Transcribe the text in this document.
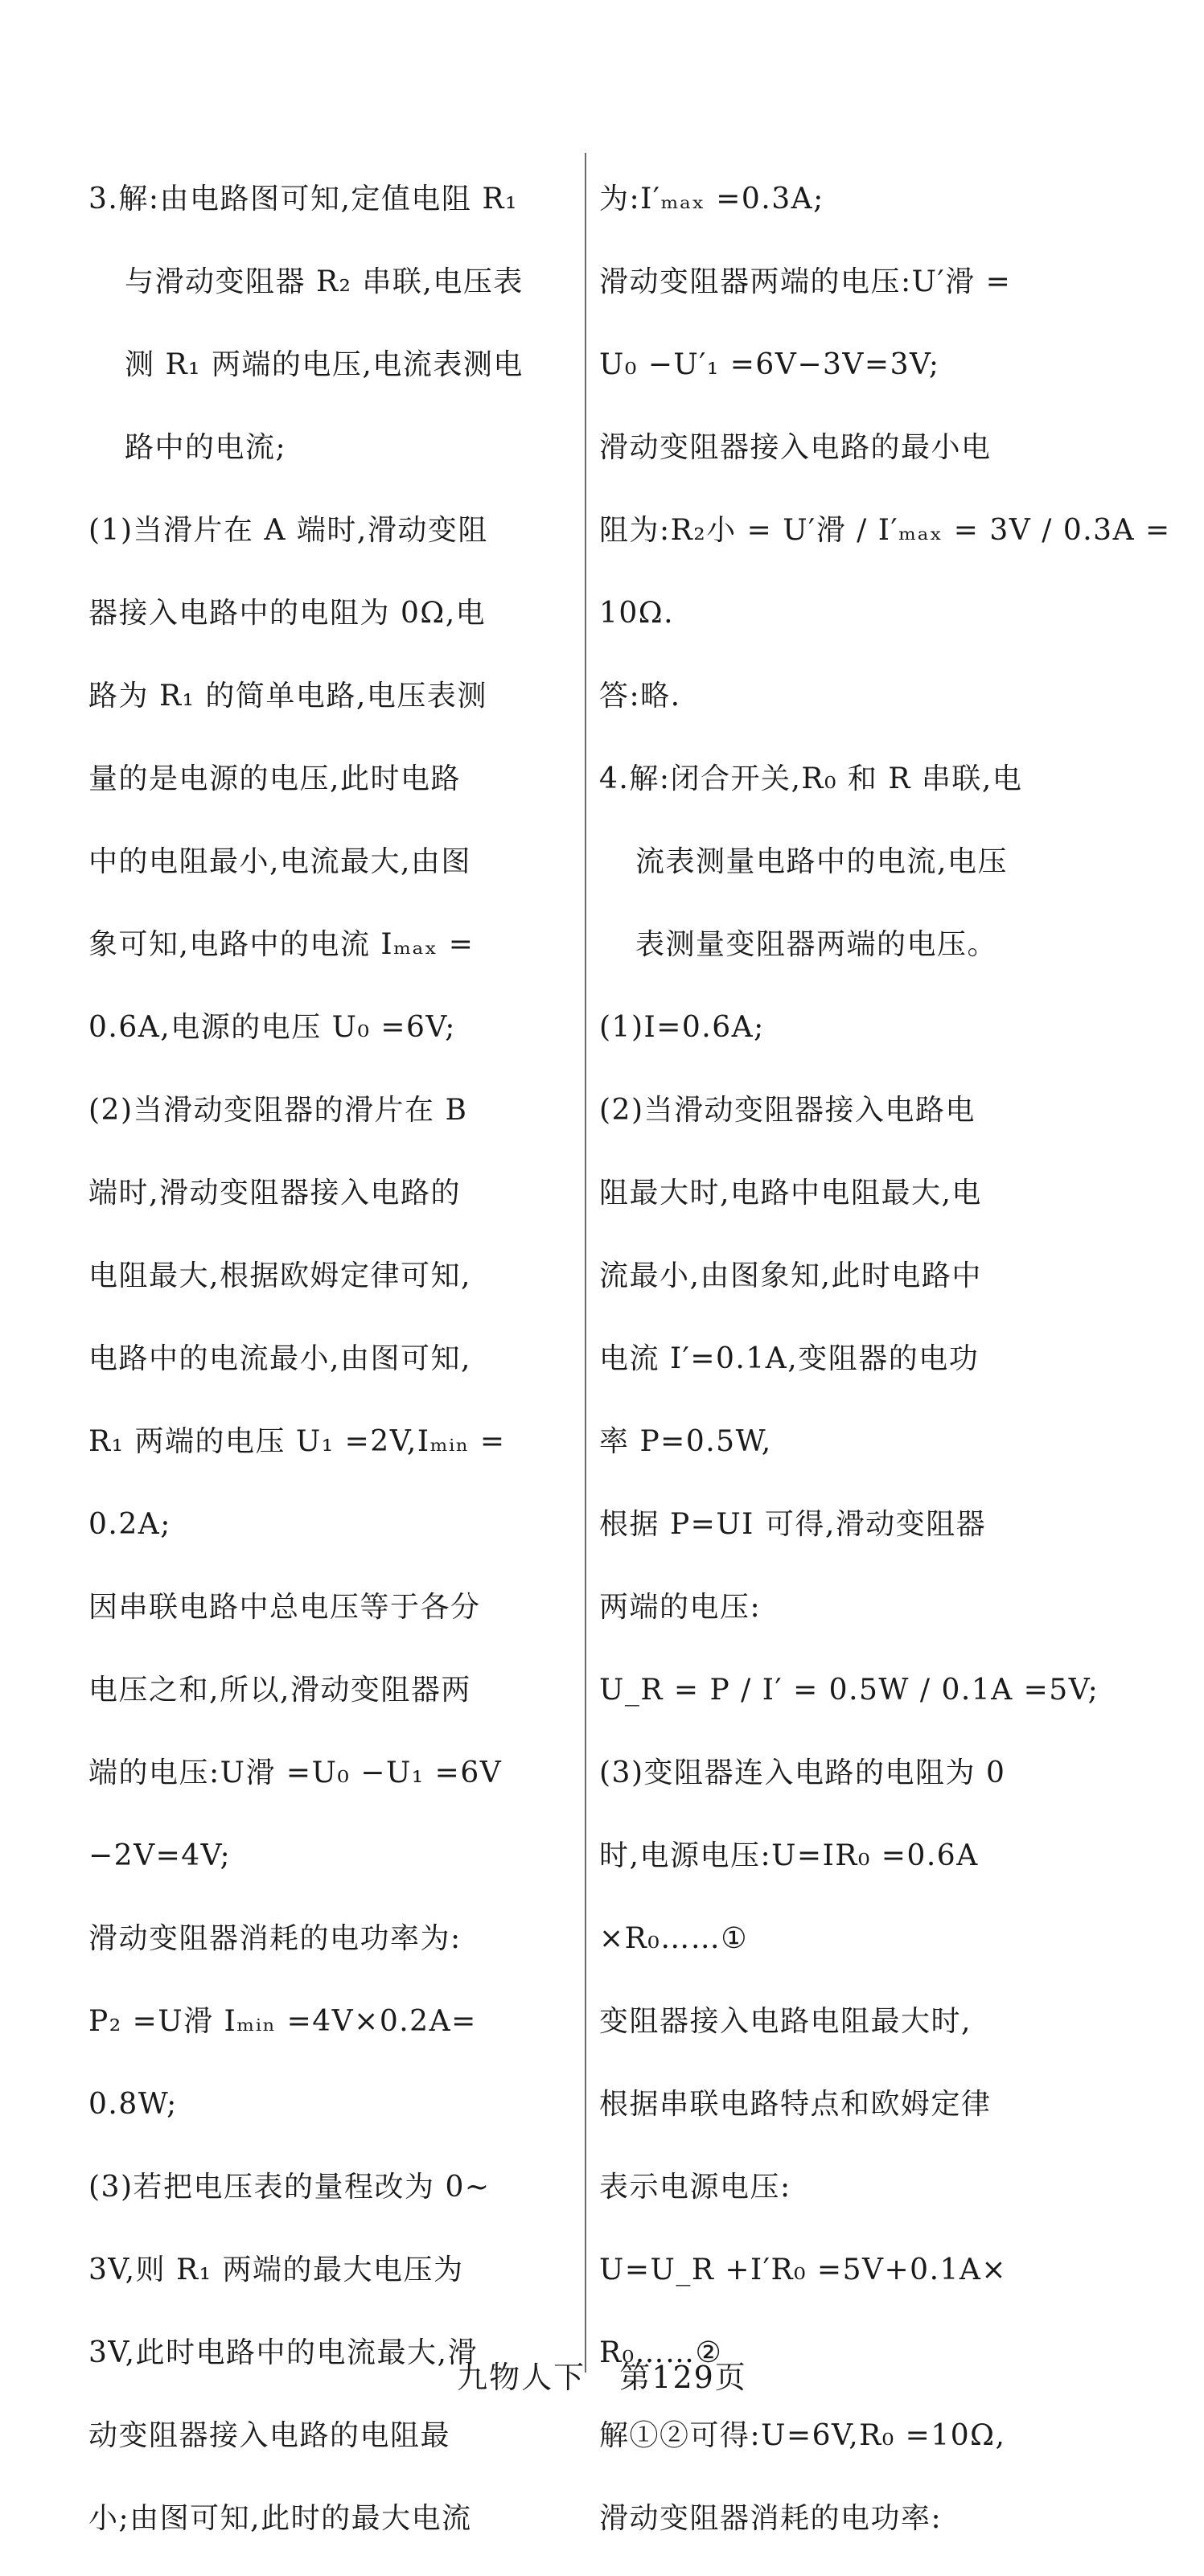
3.解:由电路图可知,定值电阻 R₁
与滑动变阻器 R₂ 串联,电压表
测 R₁ 两端的电压,电流表测电
路中的电流;
(1)当滑片在 A 端时,滑动变阻
器接入电路中的电阻为 0Ω,电
路为 R₁ 的简单电路,电压表测
量的是电源的电压,此时电路
中的电阻最小,电流最大,由图
象可知,电路中的电流 Iₘₐₓ =
0.6A,电源的电压 U₀ =6V;
(2)当滑动变阻器的滑片在 B
端时,滑动变阻器接入电路的
电阻最大,根据欧姆定律可知,
电路中的电流最小,由图可知,
R₁ 两端的电压 U₁ =2V,Iₘᵢₙ =
0.2A;
因串联电路中总电压等于各分
电压之和,所以,滑动变阻器两
端的电压:U滑 =U₀ −U₁ =6V
−2V=4V;
滑动变阻器消耗的电功率为:
P₂ =U滑 Iₘᵢₙ =4V×0.2A=
0.8W;
(3)若把电压表的量程改为 0~
3V,则 R₁ 两端的最大电压为
3V,此时电路中的电流最大,滑
动变阻器接入电路的电阻最
小;由图可知,此时的最大电流
为:I′ₘₐₓ =0.3A;
滑动变阻器两端的电压:U′滑 =
U₀ −U′₁ =6V−3V=3V;
滑动变阻器接入电路的最小电
阻为:R₂小 = U′滑 / I′ₘₐₓ = 3V / 0.3A =
10Ω.
答:略.
4.解:闭合开关,R₀ 和 R 串联,电
流表测量电路中的电流,电压
表测量变阻器两端的电压。
(1)I=0.6A;
(2)当滑动变阻器接入电路电
阻最大时,电路中电阻最大,电
流最小,由图象知,此时电路中
电流 I′=0.1A,变阻器的电功
率 P=0.5W,
根据 P=UI 可得,滑动变阻器
两端的电压:
U_R = P / I′ = 0.5W / 0.1A =5V;
(3)变阻器连入电路的电阻为 0
时,电源电压:U=IR₀ =0.6A
×R₀……①
变阻器接入电路电阻最大时,
根据串联电路特点和欧姆定律
表示电源电压:
U=U_R +I′R₀ =5V+0.1A×
R₀……②
解①②可得:U=6V,R₀ =10Ω,
滑动变阻器消耗的电功率:
九物人下 第129页
